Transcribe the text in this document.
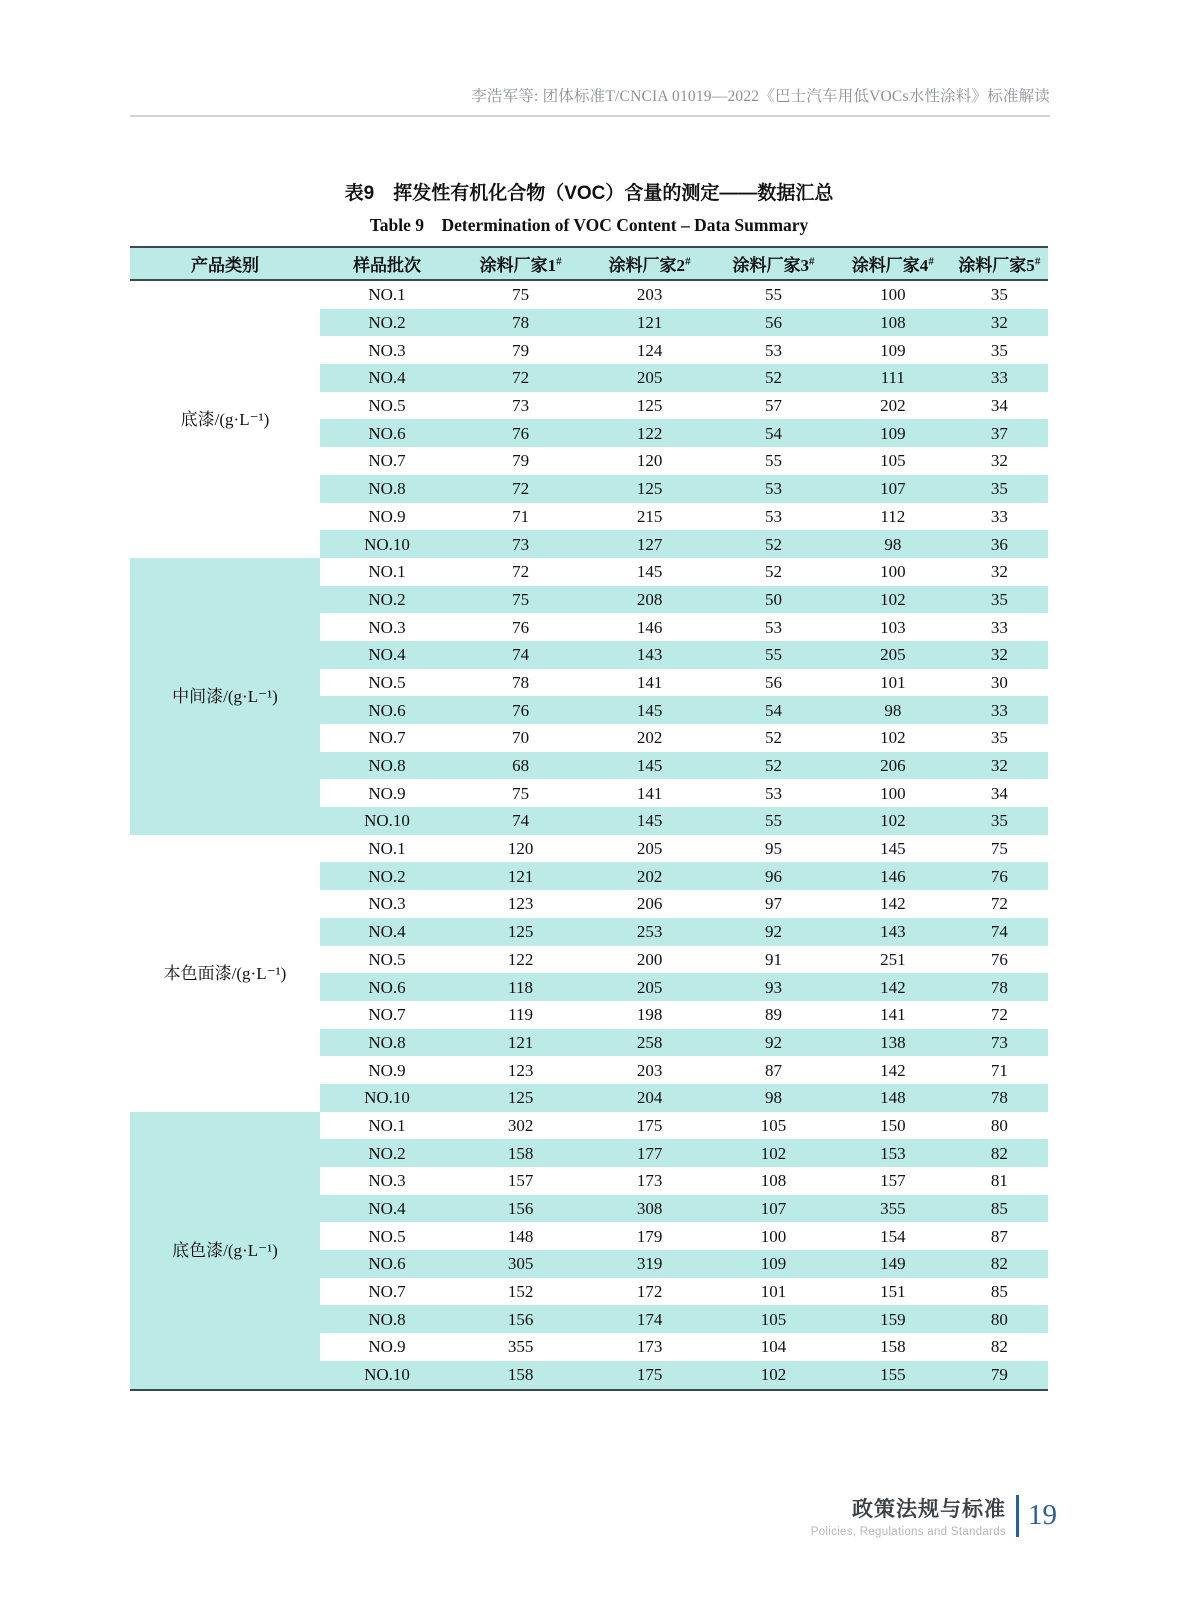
李浩军等: 团体标准T/CNCIA 01019—2022《巴士汽车用低VOCs水性涂料》标准解读
表9　挥发性有机化合物（VOC）含量的测定——数据汇总
Table 9　Determination of VOC Content – Data Summary
产品类别	样品批次	涂料厂家1#	涂料厂家2#	涂料厂家3#	涂料厂家4#	涂料厂家5#
底漆/(g·L⁻¹)	NO.1	75	203	55	100	35
	NO.2	78	121	56	108	32
	NO.3	79	124	53	109	35
	NO.4	72	205	52	111	33
	NO.5	73	125	57	202	34
	NO.6	76	122	54	109	37
	NO.7	79	120	55	105	32
	NO.8	72	125	53	107	35
	NO.9	71	215	53	112	33
	NO.10	73	127	52	98	36
中间漆/(g·L⁻¹)	NO.1	72	145	52	100	32
	NO.2	75	208	50	102	35
	NO.3	76	146	53	103	33
	NO.4	74	143	55	205	32
	NO.5	78	141	56	101	30
	NO.6	76	145	54	98	33
	NO.7	70	202	52	102	35
	NO.8	68	145	52	206	32
	NO.9	75	141	53	100	34
	NO.10	74	145	55	102	35
本色面漆/(g·L⁻¹)	NO.1	120	205	95	145	75
	NO.2	121	202	96	146	76
	NO.3	123	206	97	142	72
	NO.4	125	253	92	143	74
	NO.5	122	200	91	251	76
	NO.6	118	205	93	142	78
	NO.7	119	198	89	141	72
	NO.8	121	258	92	138	73
	NO.9	123	203	87	142	71
	NO.10	125	204	98	148	78
底色漆/(g·L⁻¹)	NO.1	302	175	105	150	80
	NO.2	158	177	102	153	82
	NO.3	157	173	108	157	81
	NO.4	156	308	107	355	85
	NO.5	148	179	100	154	87
	NO.6	305	319	109	149	82
	NO.7	152	172	101	151	85
	NO.8	156	174	105	159	80
	NO.9	355	173	104	158	82
	NO.10	158	175	102	155	79
政策法规与标准
Policies, Regulations and Standards
19
